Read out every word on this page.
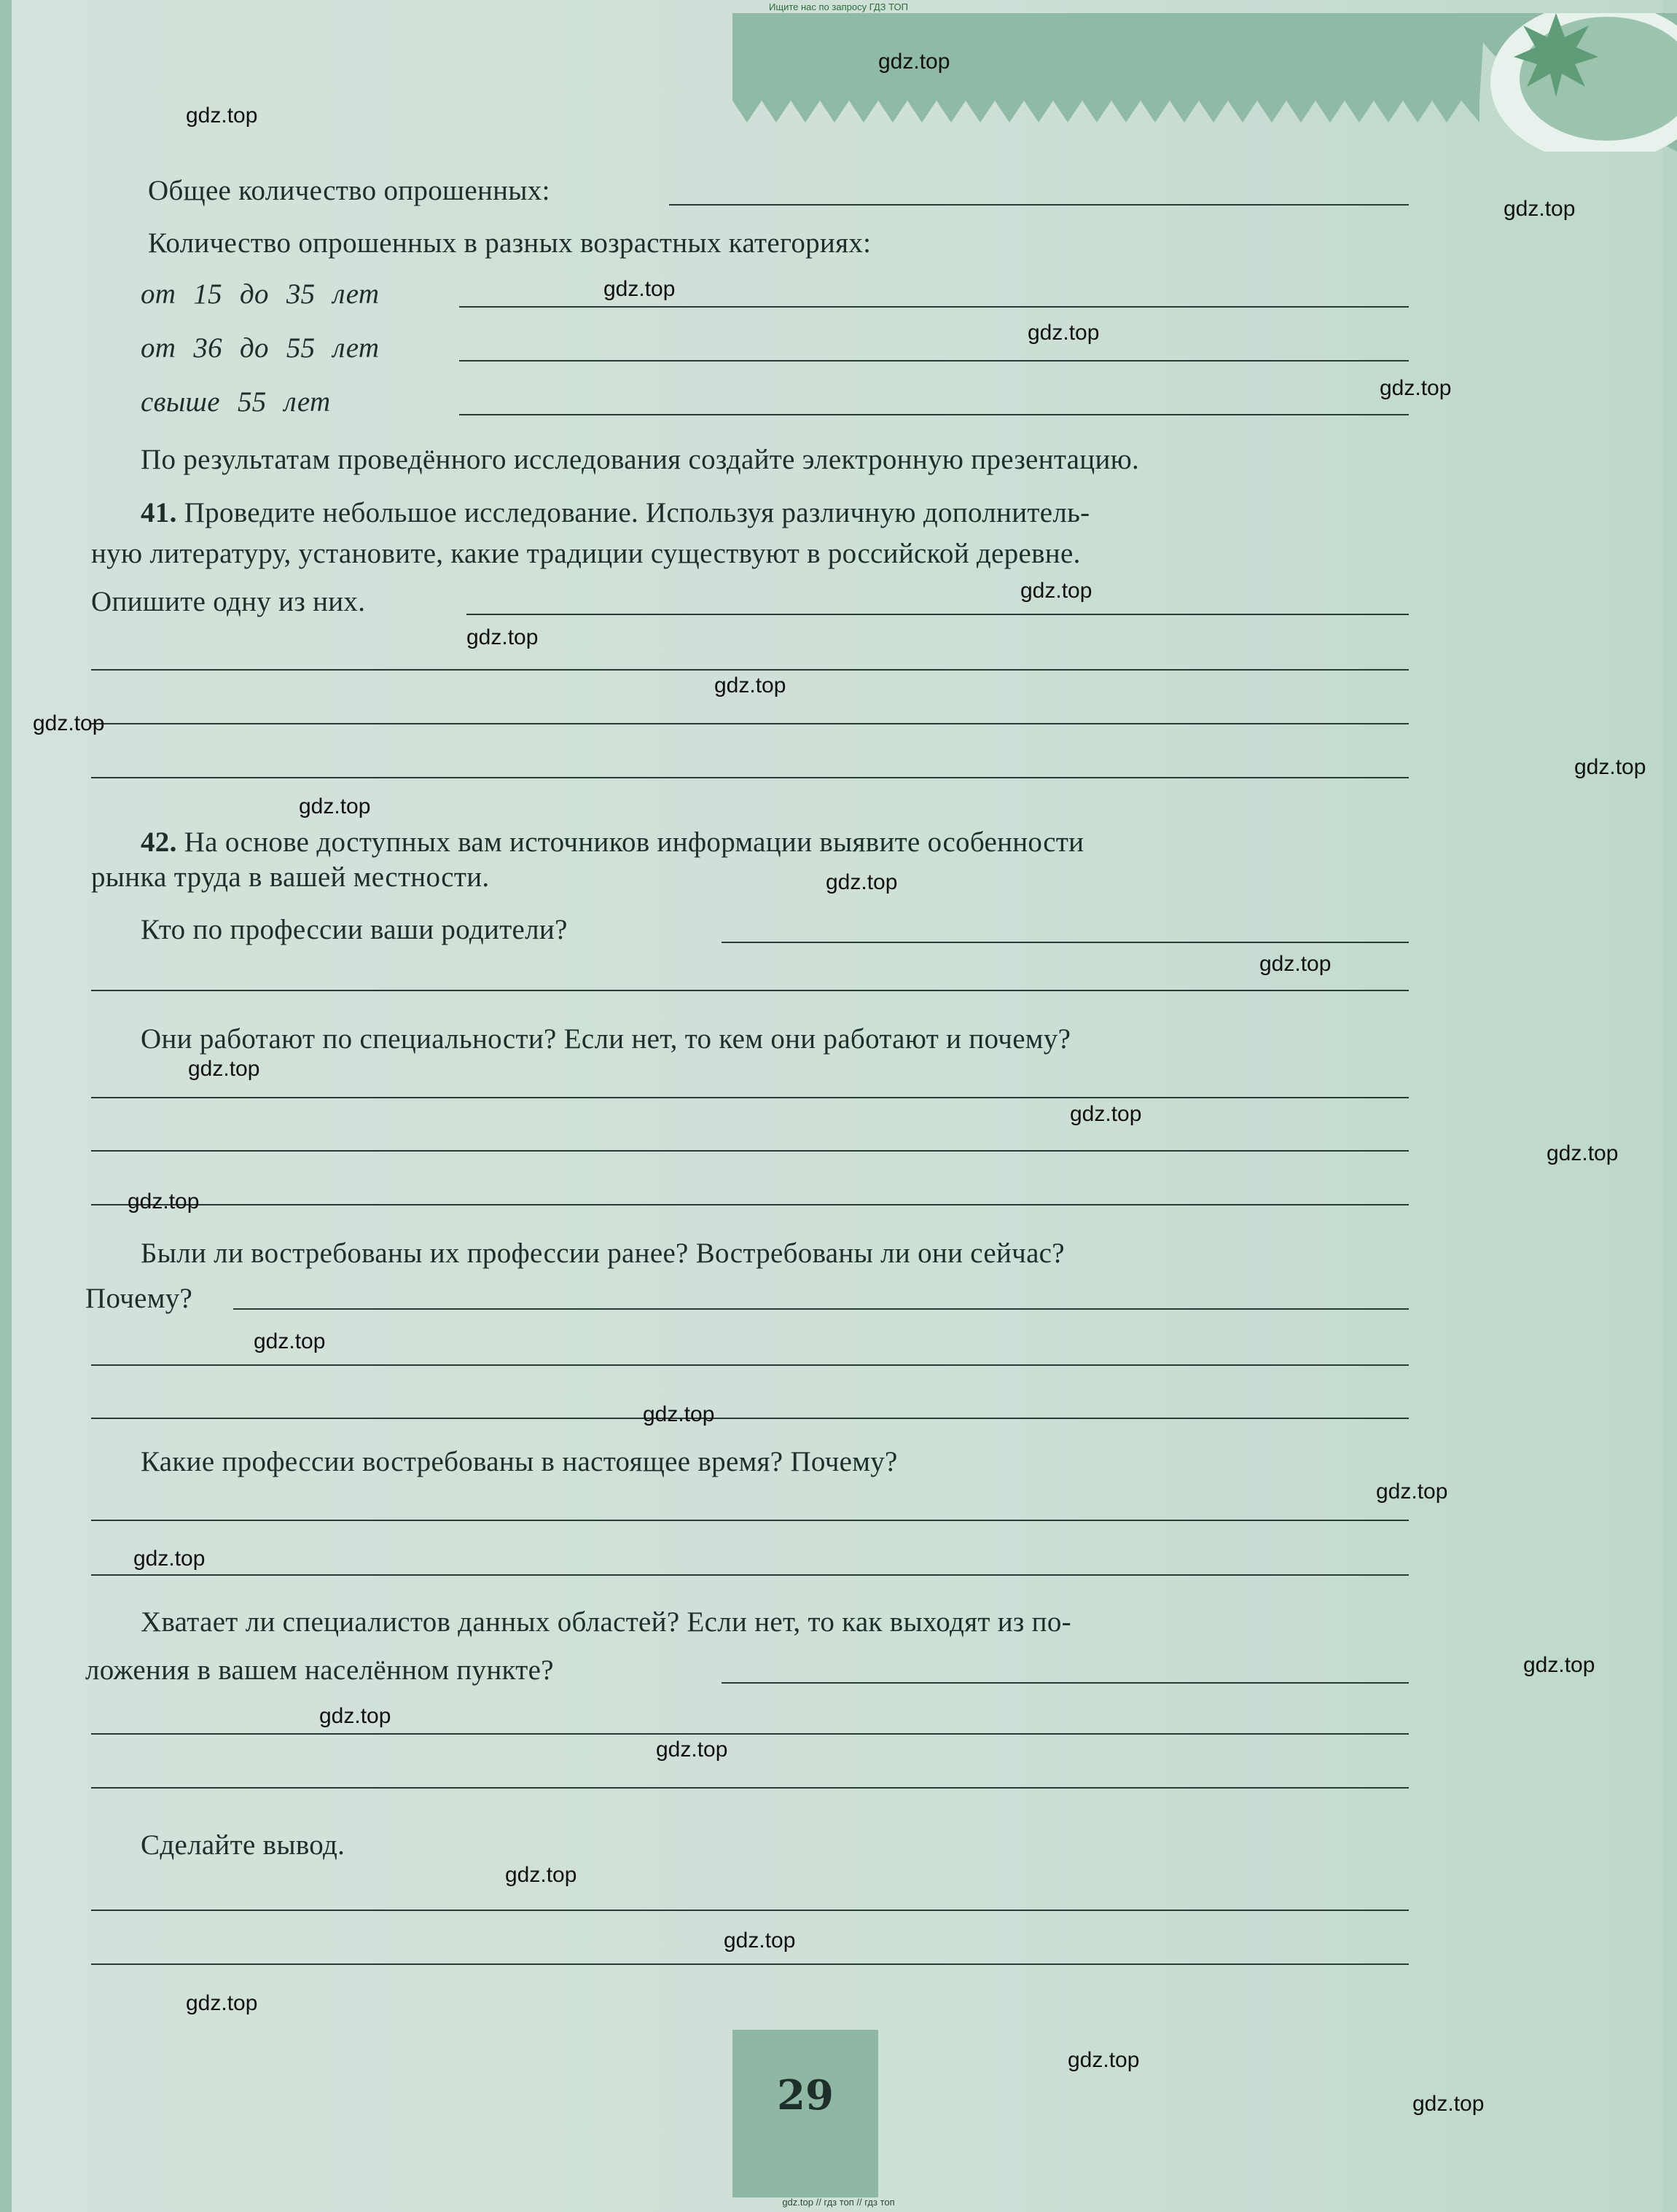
Ищите нас по запросу ГДЗ ТОП
Общее количество опрошенных:
Количество опрошенных в разных возрастных категориях:
от 15 до 35 лет
от 36 до 55 лет
свыше 55 лет
По результатам проведённого исследования создайте электронную презентацию.
41. Проведите небольшое исследование. Используя различную дополнитель-
ную литературу, установите, какие традиции существуют в российской деревне.
Опишите одну из них.
42. На основе доступных вам источников информации выявите особенности
рынка труда в вашей местности.
Кто по профессии ваши родители?
Они работают по специальности? Если нет, то кем они работают и почему?
Были ли востребованы их профессии ранее? Востребованы ли они сейчас?
Почему?
Какие профессии востребованы в настоящее время? Почему?
Хватает ли специалистов данных областей? Если нет, то как выходят из по-
ложения в вашем населённом пункте?
Сделайте вывод.
29
gdz.top
gdz.top
gdz.top
gdz.top
gdz.top
gdz.top
gdz.top
gdz.top
gdz.top
gdz.top
gdz.top
gdz.top
gdz.top
gdz.top
gdz.top
gdz.top
gdz.top
gdz.top
gdz.top
gdz.top
gdz.top
gdz.top
gdz.top
gdz.top
gdz.top
gdz.top
gdz.top
gdz.top
gdz.top
gdz.top
gdz.top // гдз топ // гдз топ
